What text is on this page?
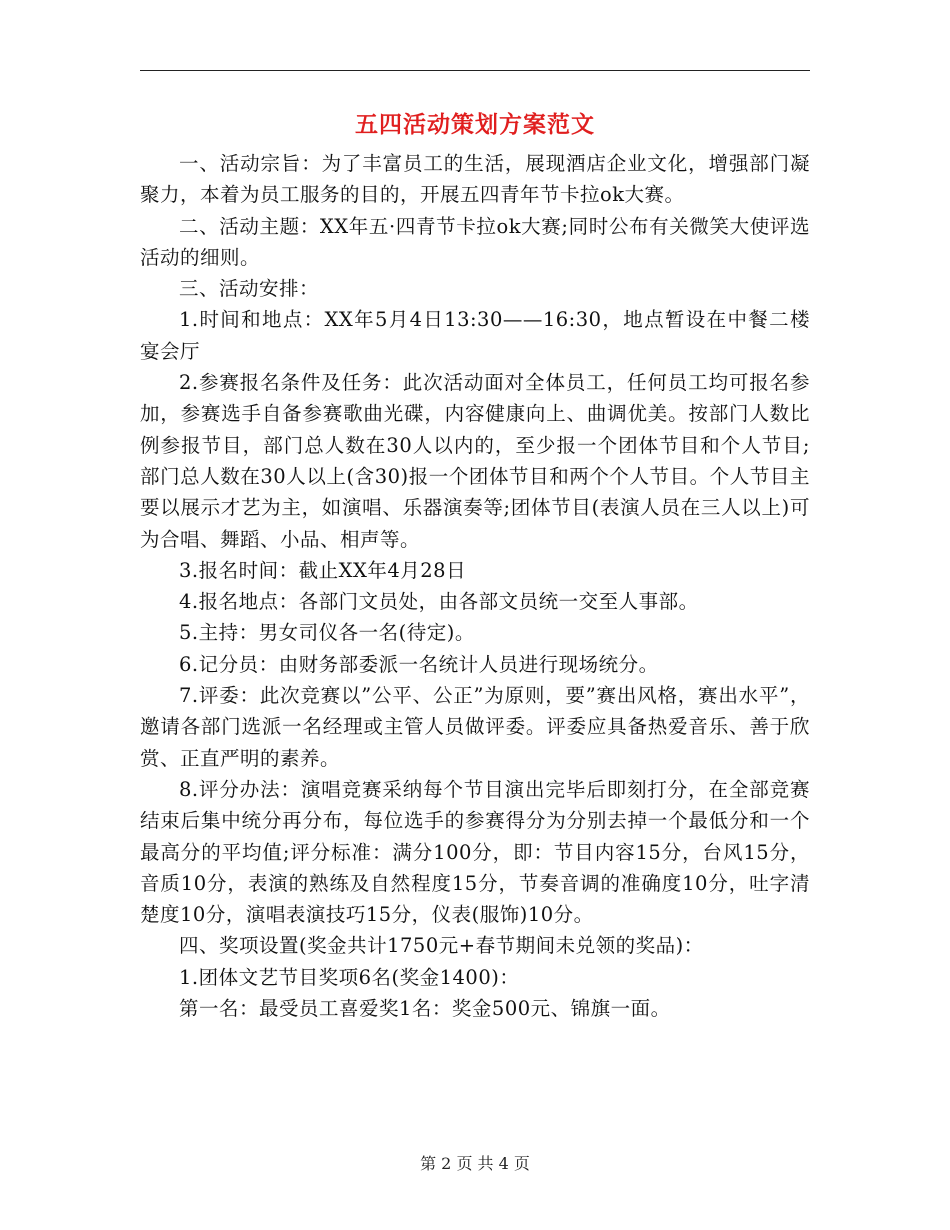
五四活动策划方案范文

一、活动宗旨：为了丰富员工的生活，展现酒店企业文化，增强部门凝聚力，本着为员工服务的目的，开展五四青年节卡拉ok大赛。

二、活动主题：XX年五·四青节卡拉ok大赛;同时公布有关微笑大使评选活动的细则。

三、活动安排：

1.时间和地点：XX年5月4日13:30——16:30，地点暂设在中餐二楼宴会厅

2.参赛报名条件及任务：此次活动面对全体员工，任何员工均可报名参加，参赛选手自备参赛歌曲光碟，内容健康向上、曲调优美。按部门人数比例参报节目，部门总人数在30人以内的，至少报一个团体节目和个人节目;部门总人数在30人以上(含30)报一个团体节目和两个个人节目。个人节目主要以展示才艺为主，如演唱、乐器演奏等;团体节目(表演人员在三人以上)可为合唱、舞蹈、小品、相声等。

3.报名时间：截止XX年4月28日

4.报名地点：各部门文员处，由各部文员统一交至人事部。

5.主持：男女司仪各一名(待定)。

6.记分员：由财务部委派一名统计人员进行现场统分。

7.评委：此次竞赛以”公平、公正”为原则，要”赛出风格，赛出水平”，邀请各部门选派一名经理或主管人员做评委。评委应具备热爱音乐、善于欣赏、正直严明的素养。

8.评分办法：演唱竞赛采纳每个节目演出完毕后即刻打分，在全部竞赛结束后集中统分再分布，每位选手的参赛得分为分别去掉一个最低分和一个最高分的平均值;评分标准：满分100分，即：节目内容15分，台风15分，音质10分，表演的熟练及自然程度15分，节奏音调的准确度10分，吐字清楚度10分，演唱表演技巧15分，仪表(服饰)10分。

四、奖项设置(奖金共计1750元+春节期间未兑领的奖品)：

1.团体文艺节目奖项6名(奖金1400)：

第一名：最受员工喜爱奖1名：奖金500元、锦旗一面。

第 2 页 共 4 页
